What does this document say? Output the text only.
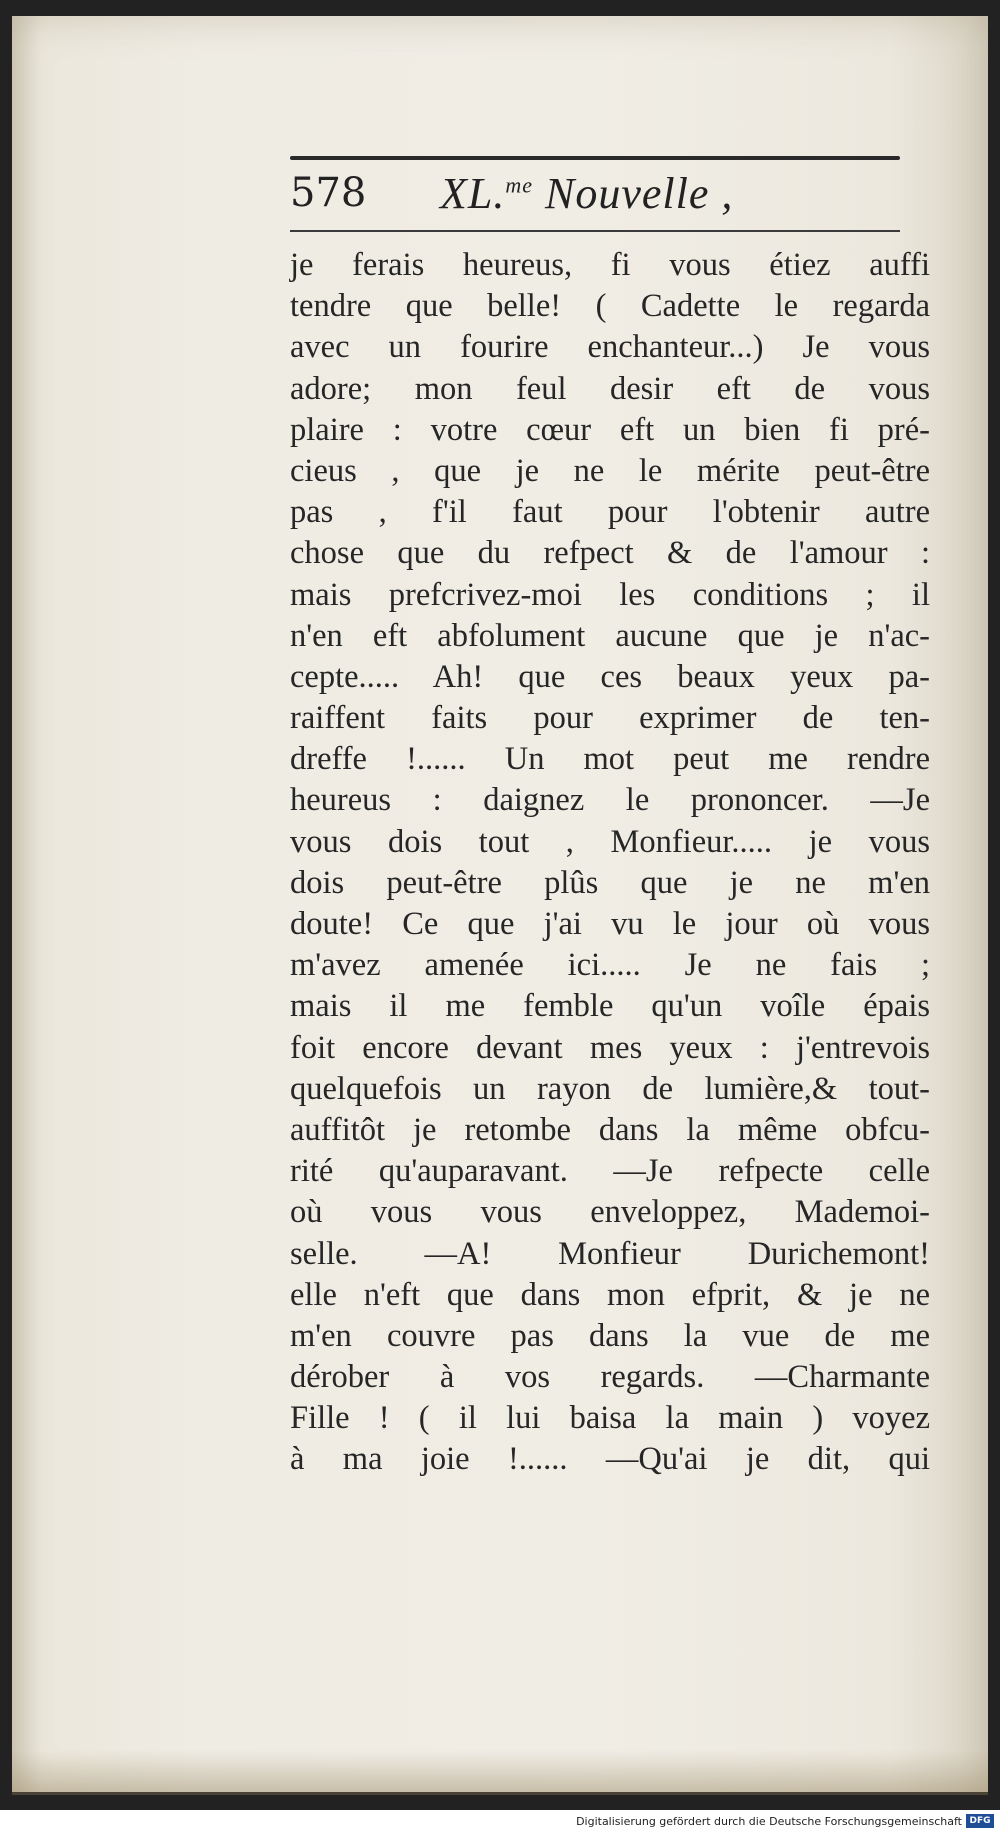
578 XL.$^{me}$ Nouvelle ,
je ferais heureus, fi vous étiez auffi
tendre que belle! ( Cadette le regarda
avec un fourire enchanteur...) Je vous
adore; mon feul desir eft de vous
plaire : votre cœur eft un bien fi pré-
cieus , que je ne le mérite peut-être
pas , f'il faut pour l'obtenir autre
chose que du refpect & de l'amour :
mais prefcrivez-moi les conditions ; il
n'en eft abfolument aucune que je n'ac-
cepte..... Ah! que ces beaux yeux pa-
raiffent faits pour exprimer de ten-
dreffe !...... Un mot peut me rendre
heureus : daignez le prononcer. —Je
vous dois tout , Monfieur..... je vous
dois peut-être plûs que je ne m'en
doute! Ce que j'ai vu le jour où vous
m'avez amenée ici..... Je ne fais ;
mais il me femble qu'un voîle épais
foit encore devant mes yeux : j'entrevois
quelquefois un rayon de lumière,& tout-
auffitôt je retombe dans la même obfcu-
rité qu'auparavant. —Je refpecte celle
où vous vous enveloppez, Mademoi-
selle. —A! Monfieur Durichemont!
elle n'eft que dans mon efprit, & je ne
m'en couvre pas dans la vue de me
dérober à vos regards. —Charmante
Fille ! ( il lui baisa la main ) voyez
à ma joie !...... —Qu'ai je dit, qui
Digitalisierung gefördert durch die Deutsche Forschungsgemeinschaft DFG
